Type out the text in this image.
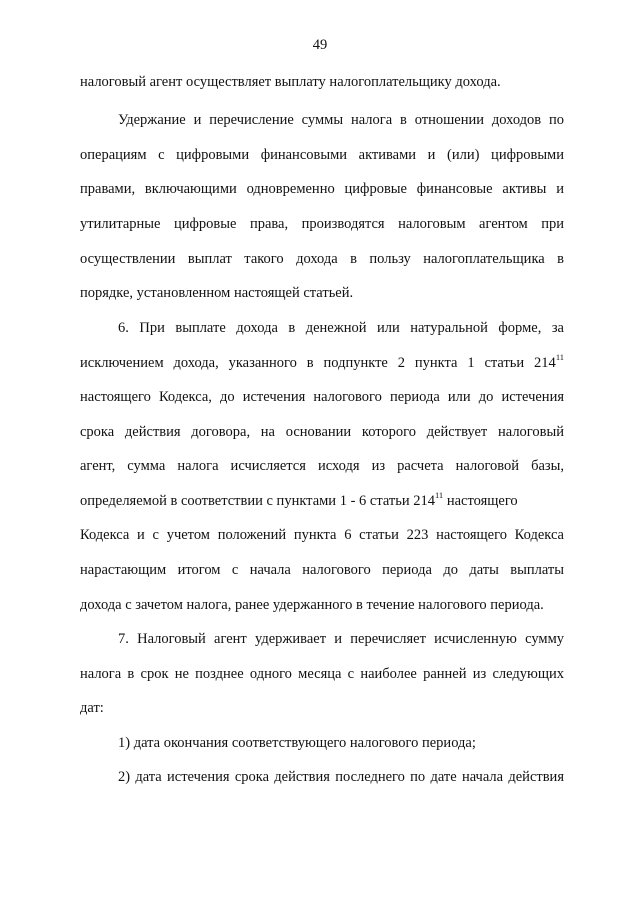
49
налоговый агент осуществляет выплату налогоплательщику дохода.
Удержание и перечисление суммы налога в отношении доходов по
операциям с цифровыми финансовыми активами и (или) цифровыми
правами, включающими одновременно цифровые финансовые активы и
утилитарные цифровые права, производятся налоговым агентом при
осуществлении выплат такого дохода в пользу налогоплательщика в
порядке, установленном настоящей статьей.
6. При выплате дохода в денежной или натуральной форме, за
исключением дохода, указанного в подпункте 2 пункта 1 статьи $214^{11}$
настоящего Кодекса, до истечения налогового периода или до истечения
срока действия договора, на основании которого действует налоговый
агент, сумма налога исчисляется исходя из расчета налоговой базы,
определяемой в соответствии с пунктами 1 - 6 статьи $214^{11}$ настоящего
Кодекса и с учетом положений пункта 6 статьи 223 настоящего Кодекса
нарастающим итогом с начала налогового периода до даты выплаты
дохода с зачетом налога, ранее удержанного в течение налогового периода.
7. Налоговый агент удерживает и перечисляет исчисленную сумму
налога в срок не позднее одного месяца с наиболее ранней из следующих
дат:
1) дата окончания соответствующего налогового периода;
2) дата истечения срока действия последнего по дате начала действия
